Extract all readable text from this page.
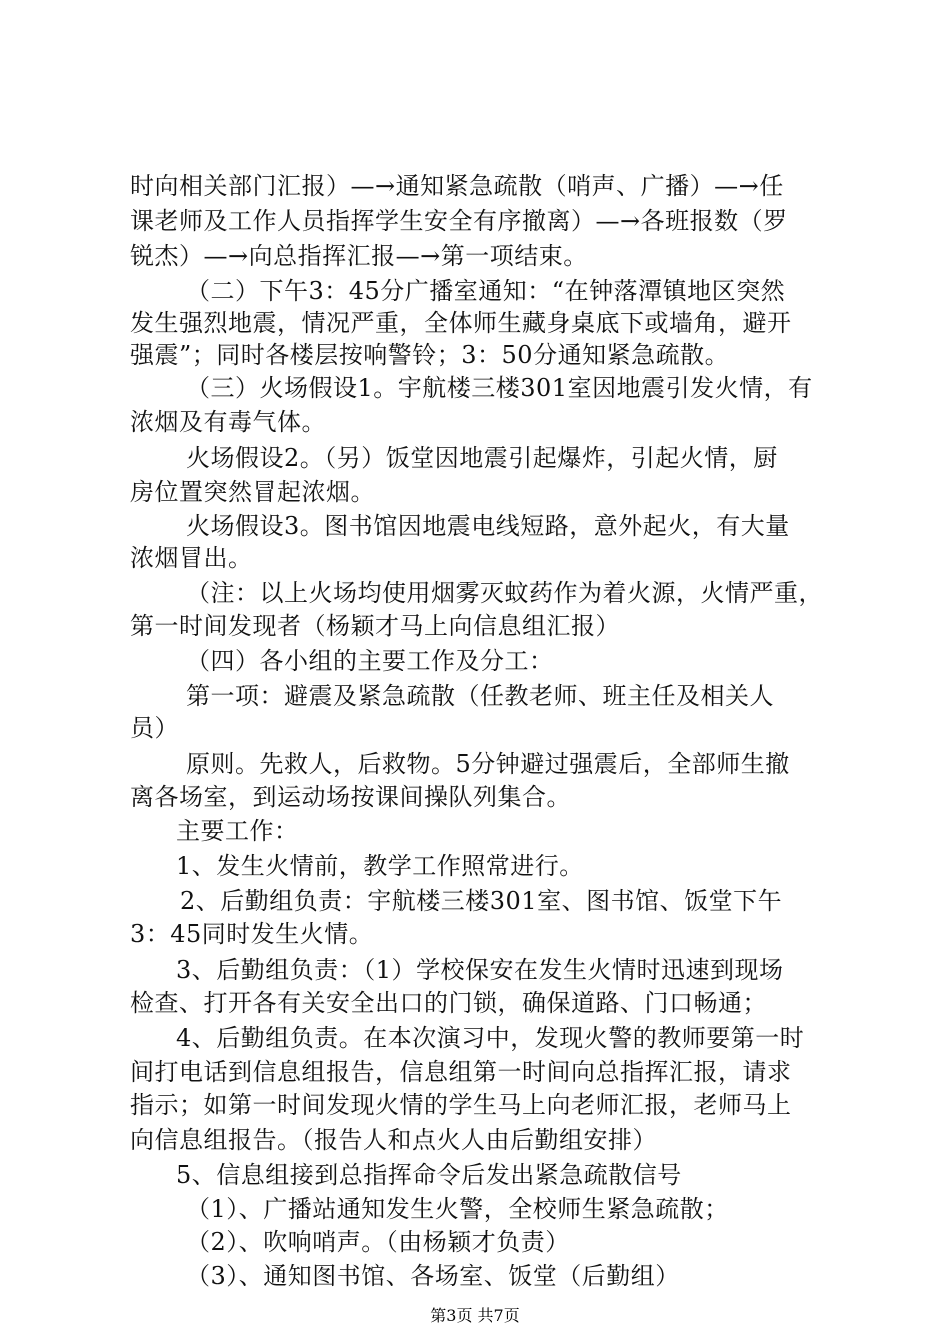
时向相关部门汇报）—→通知紧急疏散（哨声、广播）—→任
课老师及工作人员指挥学生安全有序撤离）—→各班报数（罗
锐杰）—→向总指挥汇报—→第一项结束。
（二）下午3：45分广播室通知：“在钟落潭镇地区突然
发生强烈地震，情况严重，全体师生藏身桌底下或墙角，避开
强震”；同时各楼层按响警铃；3：50分通知紧急疏散。
（三）火场假设1。宇航楼三楼301室因地震引发火情，有
浓烟及有毒气体。
火场假设2。（另）饭堂因地震引起爆炸，引起火情，厨
房位置突然冒起浓烟。
火场假设3。图书馆因地震电线短路，意外起火，有大量
浓烟冒出。
（注：以上火场均使用烟雾灭蚊药作为着火源，火情严重，
第一时间发现者（杨颖才马上向信息组汇报）
（四）各小组的主要工作及分工：
第一项：避震及紧急疏散（任教老师、班主任及相关人
员）
原则。先救人，后救物。5分钟避过强震后，全部师生撤
离各场室，到运动场按课间操队列集合。
主要工作：
1、发生火情前，教学工作照常进行。
2、后勤组负责：宇航楼三楼301室、图书馆、饭堂下午
3：45同时发生火情。
3、后勤组负责：（1）学校保安在发生火情时迅速到现场
检查、打开各有关安全出口的门锁，确保道路、门口畅通；
4、后勤组负责。在本次演习中，发现火警的教师要第一时
间打电话到信息组报告，信息组第一时间向总指挥汇报，请求
指示；如第一时间发现火情的学生马上向老师汇报，老师马上
向信息组报告。（报告人和点火人由后勤组安排）
5、信息组接到总指挥命令后发出紧急疏散信号
（1）、广播站通知发生火警，全校师生紧急疏散；
（2）、吹响哨声。（由杨颖才负责）
（3）、通知图书馆、各场室、饭堂（后勤组）
第3页 共7页
